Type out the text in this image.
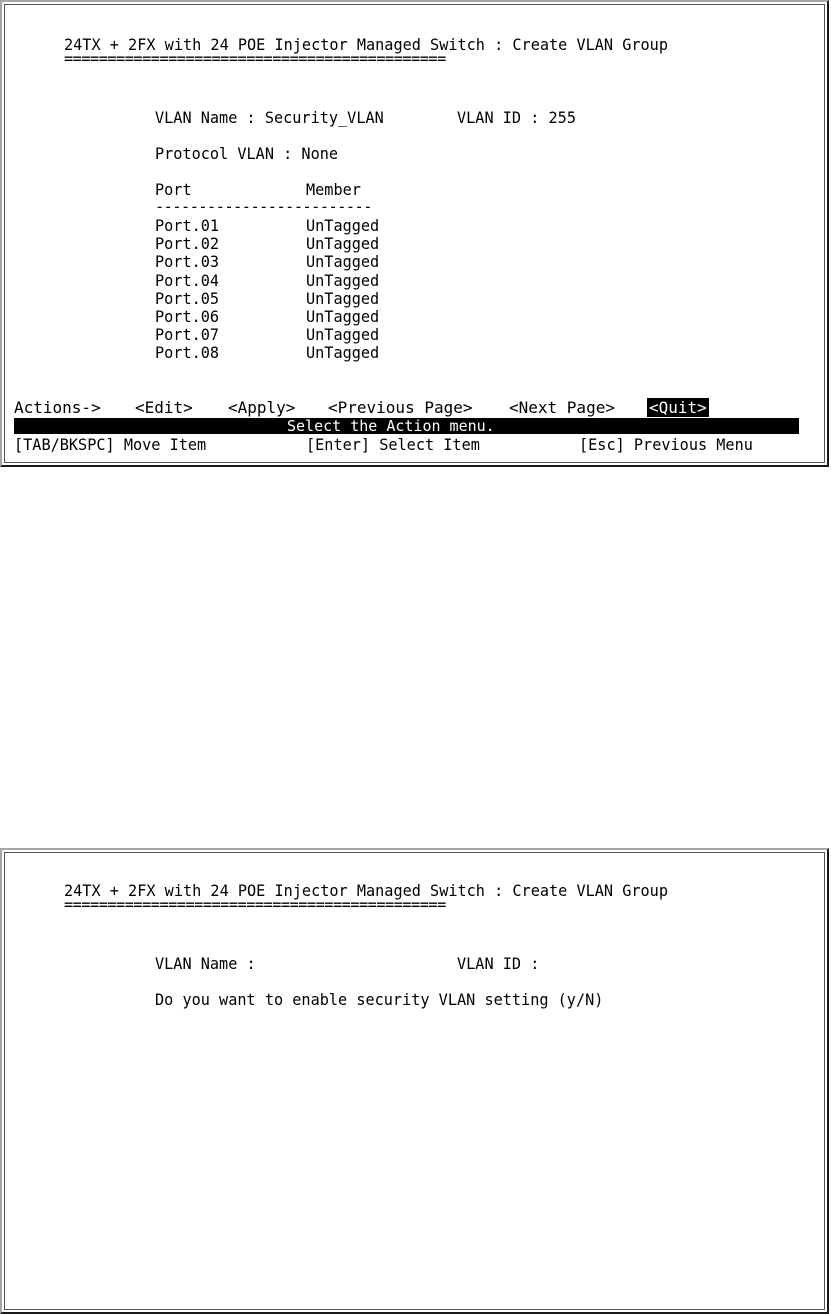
24TX + 2FX with 24 POE Injector Managed Switch : Create VLAN Group
============================================
VLAN Name : Security_VLAN	VLAN ID : 255
Protocol VLAN : None
Port	Member
-------------------------
Port.01	UnTagged
Port.02	UnTagged
Port.03	UnTagged
Port.04	UnTagged
Port.05	UnTagged
Port.06	UnTagged
Port.07	UnTagged
Port.08	UnTagged
Actions-> <Edit> <Apply> <Previous Page> <Next Page> <Quit>
Select the Action menu.
[TAB/BKSPC] Move Item	[Enter] Select Item	[Esc] Previous Menu
24TX + 2FX with 24 POE Injector Managed Switch : Create VLAN Group
============================================
VLAN Name :	VLAN ID :
Do you want to enable security VLAN setting (y/N)
